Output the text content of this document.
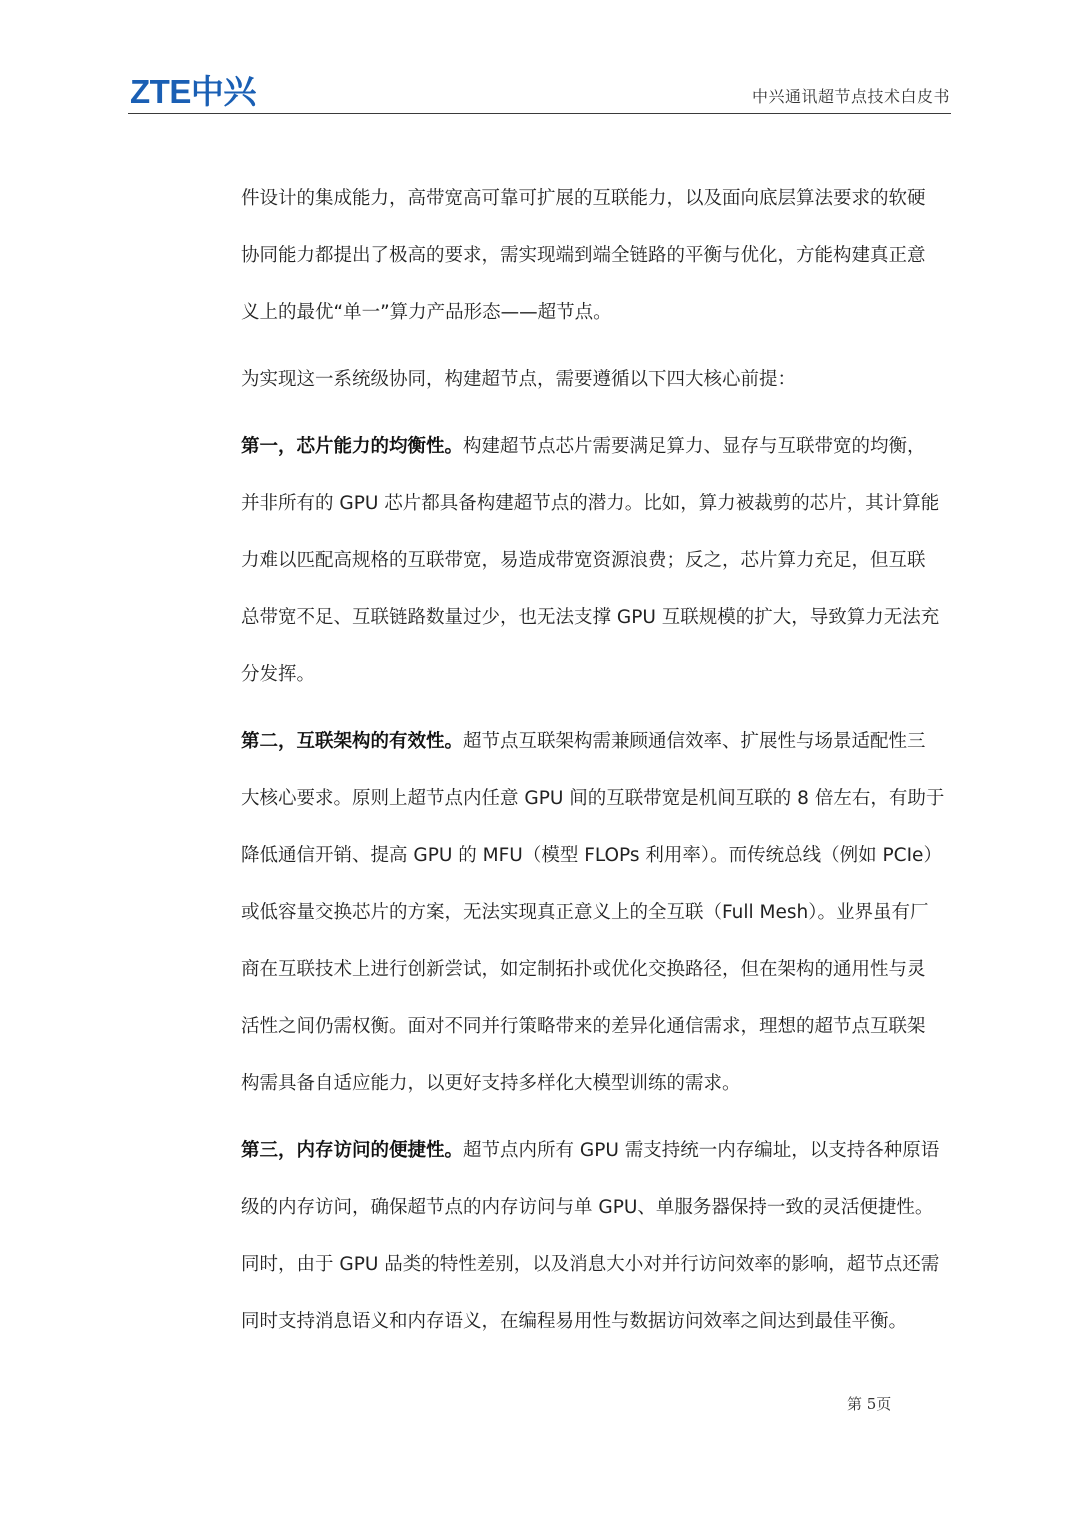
ZTE中兴	中兴通讯超节点技术白皮书
件设计的集成能力，高带宽高可靠可扩展的互联能力，以及面向底层算法要求的软硬
协同能力都提出了极高的要求，需实现端到端全链路的平衡与优化，方能构建真正意
义上的最优“单一”算力产品形态——超节点。
为实现这一系统级协同，构建超节点，需要遵循以下四大核心前提：
第一，芯片能力的均衡性。构建超节点芯片需要满足算力、显存与互联带宽的均衡，
并非所有的 GPU 芯片都具备构建超节点的潜力。比如，算力被裁剪的芯片，其计算能
力难以匹配高规格的互联带宽，易造成带宽资源浪费；反之，芯片算力充足，但互联
总带宽不足、互联链路数量过少，也无法支撑 GPU 互联规模的扩大，导致算力无法充
分发挥。
第二，互联架构的有效性。超节点互联架构需兼顾通信效率、扩展性与场景适配性三
大核心要求。原则上超节点内任意 GPU 间的互联带宽是机间互联的 8 倍左右，有助于
降低通信开销、提高 GPU 的 MFU（模型 FLOPs 利用率）。而传统总线（例如 PCIe）
或低容量交换芯片的方案，无法实现真正意义上的全互联（Full Mesh）。业界虽有厂
商在互联技术上进行创新尝试，如定制拓扑或优化交换路径，但在架构的通用性与灵
活性之间仍需权衡。面对不同并行策略带来的差异化通信需求，理想的超节点互联架
构需具备自适应能力，以更好支持多样化大模型训练的需求。
第三，内存访问的便捷性。超节点内所有 GPU 需支持统一内存编址，以支持各种原语
级的内存访问，确保超节点的内存访问与单 GPU、单服务器保持一致的灵活便捷性。
同时，由于 GPU 品类的特性差别，以及消息大小对并行访问效率的影响，超节点还需
同时支持消息语义和内存语义，在编程易用性与数据访问效率之间达到最佳平衡。
第 5页
